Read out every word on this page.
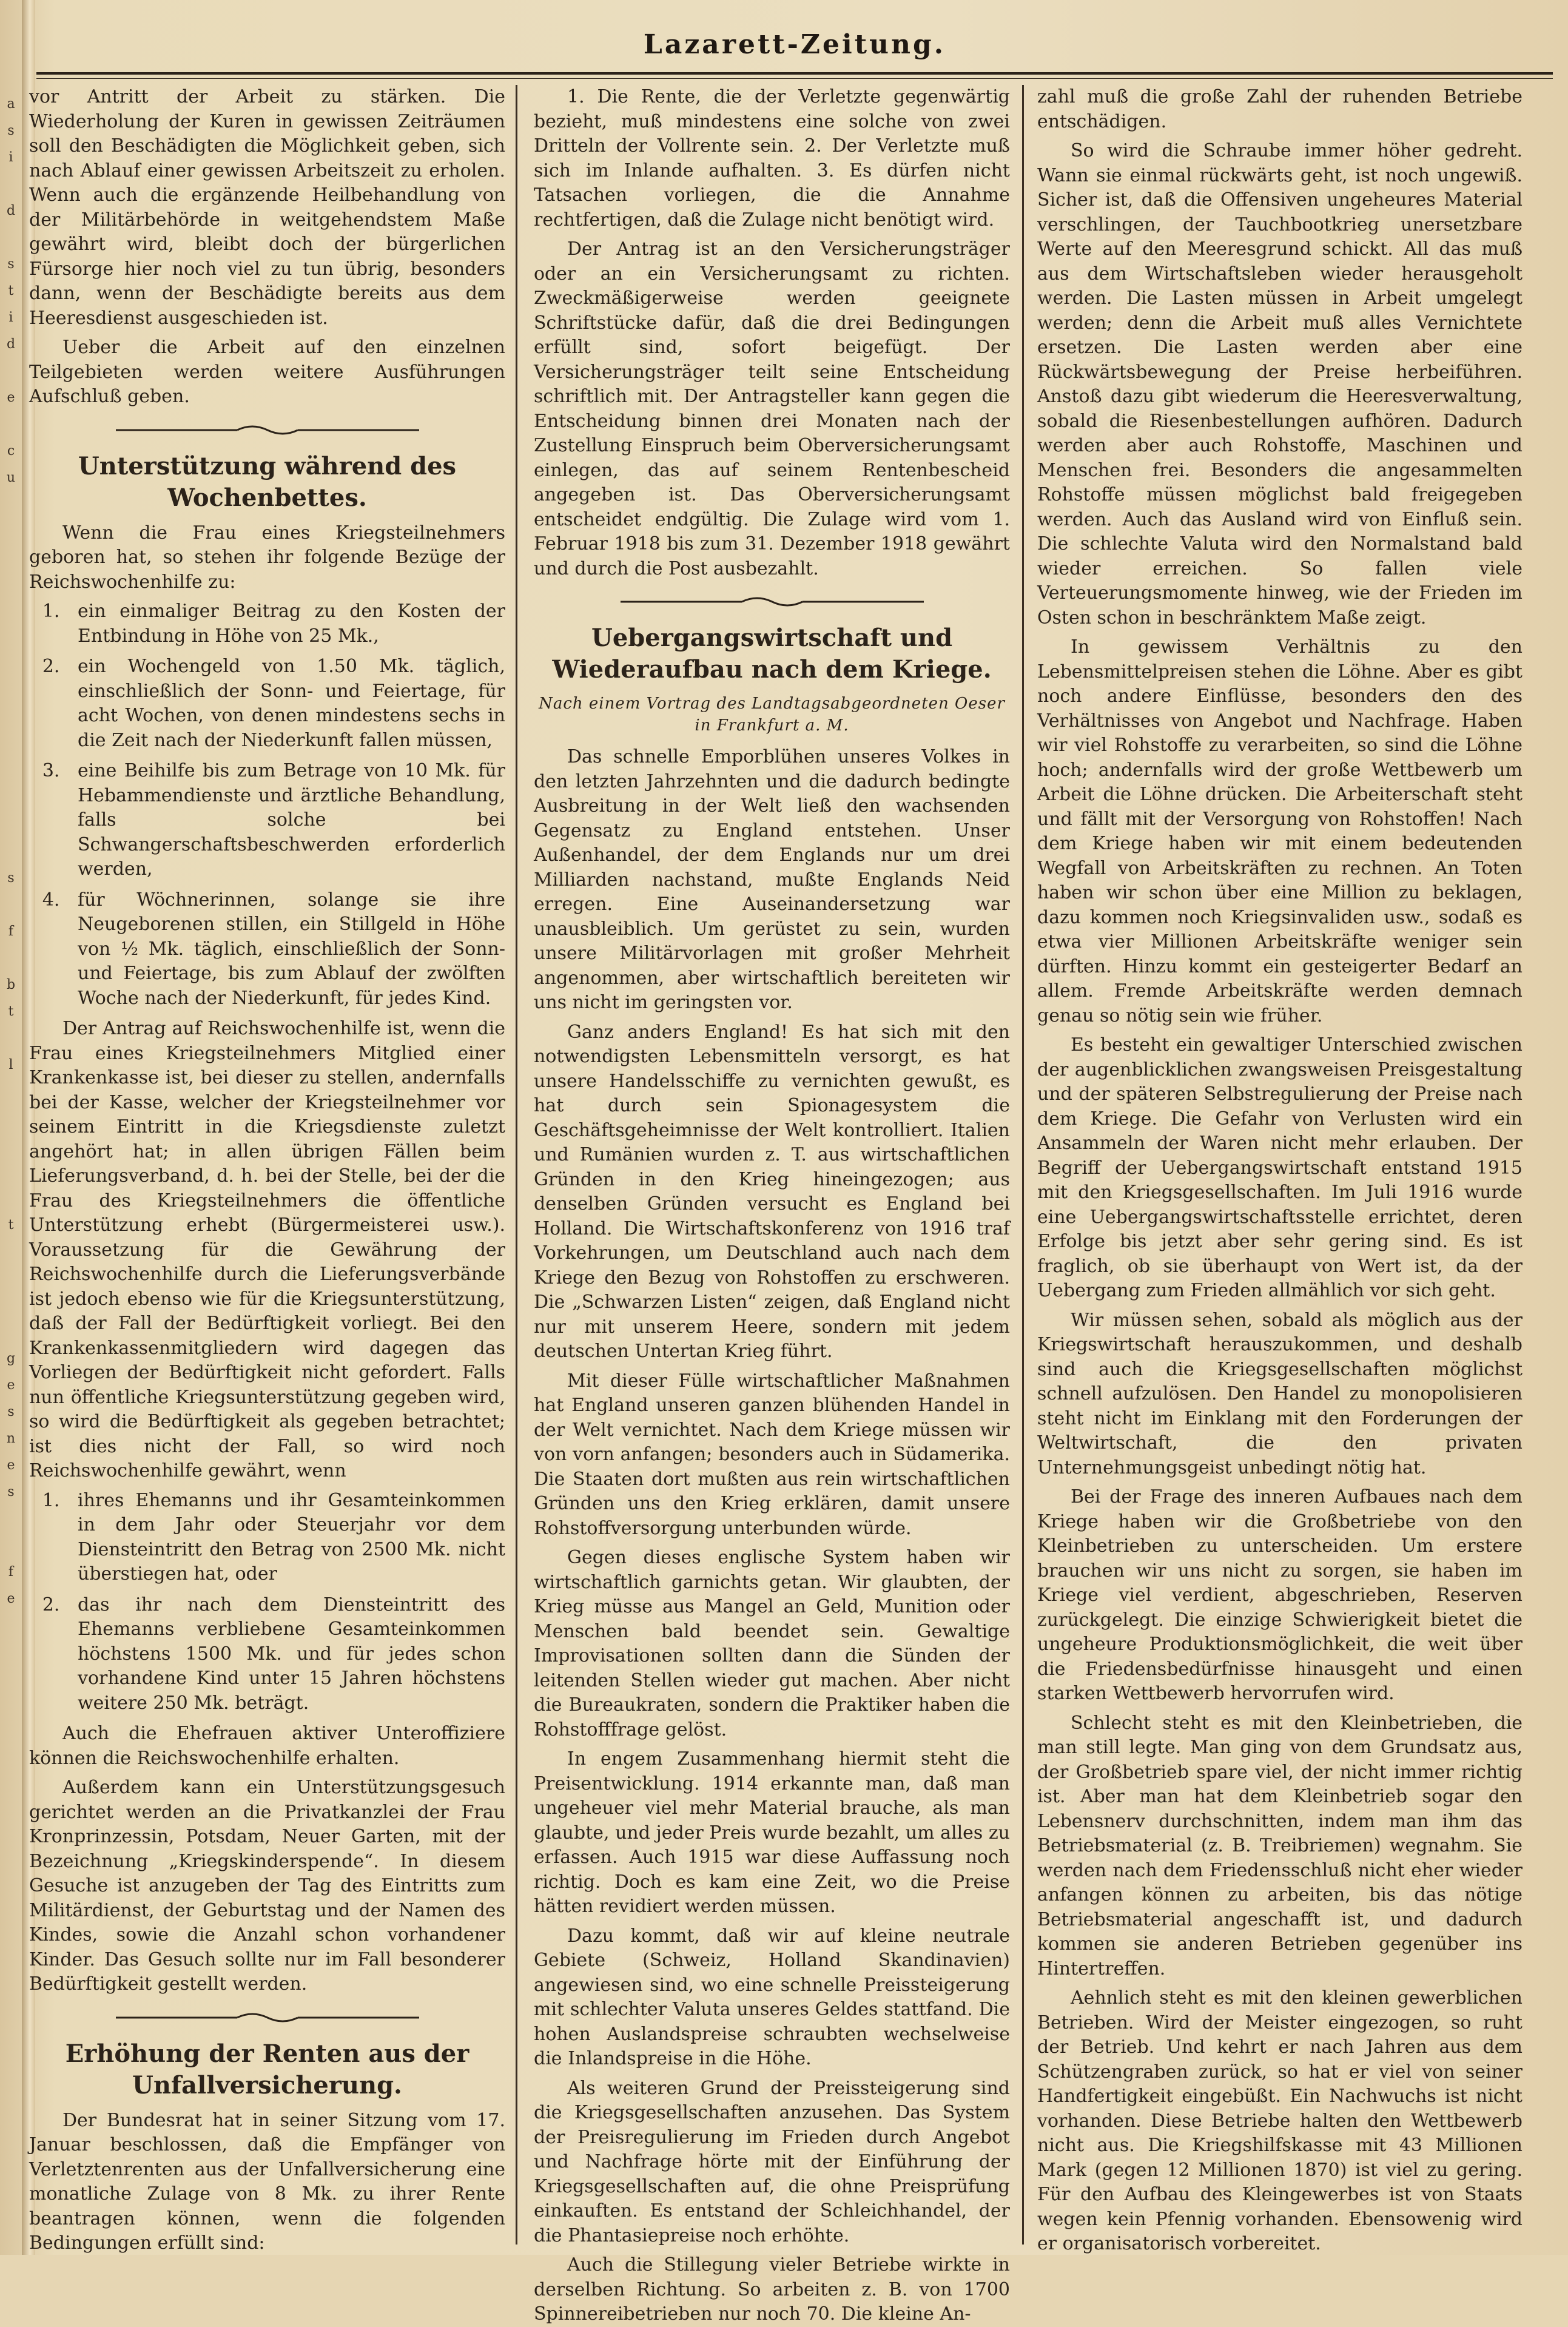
a
s
i
d
s
t
i
d
e
c
u
s
f
b
t
l
t
g
e
s
n
e
s
f
e
Lazarett-Zeitung.

vor Antritt der Arbeit zu stärken. Die Wiederholung der Kuren in gewissen Zeiträumen soll den Beschädigten die Möglichkeit geben, sich nach Ablauf einer gewissen Arbeitszeit zu erholen. Wenn auch die ergänzende Heilbehandlung von der Militärbehörde in weitgehendstem Maße gewährt wird, bleibt doch der bürgerlichen Fürsorge hier noch viel zu tun übrig, besonders dann, wenn der Beschädigte bereits aus dem Heeresdienst ausgeschieden ist.

Ueber die Arbeit auf den einzelnen Teilgebieten werden weitere Ausführungen Aufschluß geben.

Unterstützung während des Wochenbettes.

Wenn die Frau eines Kriegsteilnehmers geboren hat, so stehen ihr folgende Bezüge der Reichswochenhilfe zu:

1. ein einmaliger Beitrag zu den Kosten der Entbindung in Höhe von 25 Mk.,
2. ein Wochengeld von 1.50 Mk. täglich, einschließlich der Sonn- und Feiertage, für acht Wochen, von denen mindestens sechs in die Zeit nach der Niederkunft fallen müssen,
3. eine Beihilfe bis zum Betrage von 10 Mk. für Hebammendienste und ärztliche Behandlung, falls solche bei Schwangerschaftsbeschwerden erforderlich werden,
4. für Wöchnerinnen, solange sie ihre Neugeborenen stillen, ein Stillgeld in Höhe von ½ Mk. täglich, einschließlich der Sonn- und Feiertage, bis zum Ablauf der zwölften Woche nach der Niederkunft, für jedes Kind.

Der Antrag auf Reichswochenhilfe ist, wenn die Frau eines Kriegsteilnehmers Mitglied einer Krankenkasse ist, bei dieser zu stellen, andernfalls bei der Kasse, welcher der Kriegsteilnehmer vor seinem Eintritt in die Kriegsdienste zuletzt angehört hat; in allen übrigen Fällen beim Lieferungsverband, d. h. bei der Stelle, bei der die Frau des Kriegsteilnehmers die öffentliche Unterstützung erhebt (Bürgermeisterei usw.). Voraussetzung für die Gewährung der Reichswochenhilfe durch die Lieferungsverbände ist jedoch ebenso wie für die Kriegsunterstützung, daß der Fall der Bedürftigkeit vorliegt. Bei den Krankenkassenmitgliedern wird dagegen das Vorliegen der Bedürftigkeit nicht gefordert. Falls nun öffentliche Kriegsunterstützung gegeben wird, so wird die Bedürftigkeit als gegeben betrachtet; ist dies nicht der Fall, so wird noch Reichswochenhilfe gewährt, wenn

1. ihres Ehemanns und ihr Gesamteinkommen in dem Jahr oder Steuerjahr vor dem Diensteintritt den Betrag von 2500 Mk. nicht überstiegen hat, oder
2. das ihr nach dem Diensteintritt des Ehemanns verbliebene Gesamteinkommen höchstens 1500 Mk. und für jedes schon vorhandene Kind unter 15 Jahren höchstens weitere 250 Mk. beträgt.

Auch die Ehefrauen aktiver Unteroffiziere können die Reichswochenhilfe erhalten.

Außerdem kann ein Unterstützungsgesuch gerichtet werden an die Privatkanzlei der Frau Kronprinzessin, Potsdam, Neuer Garten, mit der Bezeichnung „Kriegskinderspende“. In diesem Gesuche ist anzugeben der Tag des Eintritts zum Militärdienst, der Geburtstag und der Namen des Kindes, sowie die Anzahl schon vorhandener Kinder. Das Gesuch sollte nur im Fall besonderer Bedürftigkeit gestellt werden.

Erhöhung der Renten aus der Unfallversicherung.

Der Bundesrat hat in seiner Sitzung vom 17. Januar beschlossen, daß die Empfänger von Verletztenrenten aus der Unfallversicherung eine monatliche Zulage von 8 Mk. zu ihrer Rente beantragen können, wenn die folgenden Bedingungen erfüllt sind:

1. Die Rente, die der Verletzte gegenwärtig bezieht, muß mindestens eine solche von zwei Dritteln der Vollrente sein. 2. Der Verletzte muß sich im Inlande aufhalten. 3. Es dürfen nicht Tatsachen vorliegen, die die Annahme rechtfertigen, daß die Zulage nicht benötigt wird.

Der Antrag ist an den Versicherungsträger oder an ein Versicherungsamt zu richten. Zweckmäßigerweise werden geeignete Schriftstücke dafür, daß die drei Bedingungen erfüllt sind, sofort beigefügt. Der Versicherungsträger teilt seine Entscheidung schriftlich mit. Der Antragsteller kann gegen die Entscheidung binnen drei Monaten nach der Zustellung Einspruch beim Oberversicherungsamt einlegen, das auf seinem Rentenbescheid angegeben ist. Das Oberversicherungsamt entscheidet endgültig. Die Zulage wird vom 1. Februar 1918 bis zum 31. Dezember 1918 gewährt und durch die Post ausbezahlt.

Uebergangswirtschaft und Wiederaufbau nach dem Kriege.
Nach einem Vortrag des Landtagsabgeordneten Oeser in Frankfurt a. M.

Das schnelle Emporblühen unseres Volkes in den letzten Jahrzehnten und die dadurch bedingte Ausbreitung in der Welt ließ den wachsenden Gegensatz zu England entstehen. Unser Außenhandel, der dem Englands nur um drei Milliarden nachstand, mußte Englands Neid erregen. Eine Auseinandersetzung war unausbleiblich. Um gerüstet zu sein, wurden unsere Militärvorlagen mit großer Mehrheit angenommen, aber wirtschaftlich bereiteten wir uns nicht im geringsten vor.

Ganz anders England! Es hat sich mit den notwendigsten Lebensmitteln versorgt, es hat unsere Handelsschiffe zu vernichten gewußt, es hat durch sein Spionagesystem die Geschäftsgeheimnisse der Welt kontrolliert. Italien und Rumänien wurden z. T. aus wirtschaftlichen Gründen in den Krieg hineingezogen; aus denselben Gründen versucht es England bei Holland. Die Wirtschaftskonferenz von 1916 traf Vorkehrungen, um Deutschland auch nach dem Kriege den Bezug von Rohstoffen zu erschweren. Die „Schwarzen Listen“ zeigen, daß England nicht nur mit unserem Heere, sondern mit jedem deutschen Untertan Krieg führt.

Mit dieser Fülle wirtschaftlicher Maßnahmen hat England unseren ganzen blühenden Handel in der Welt vernichtet. Nach dem Kriege müssen wir von vorn anfangen; besonders auch in Südamerika. Die Staaten dort mußten aus rein wirtschaftlichen Gründen uns den Krieg erklären, damit unsere Rohstoffversorgung unterbunden würde.

Gegen dieses englische System haben wir wirtschaftlich garnichts getan. Wir glaubten, der Krieg müsse aus Mangel an Geld, Munition oder Menschen bald beendet sein. Gewaltige Improvisationen sollten dann die Sünden der leitenden Stellen wieder gut machen. Aber nicht die Bureaukraten, sondern die Praktiker haben die Rohstofffrage gelöst.

In engem Zusammenhang hiermit steht die Preisentwicklung. 1914 erkannte man, daß man ungeheuer viel mehr Material brauche, als man glaubte, und jeder Preis wurde bezahlt, um alles zu erfassen. Auch 1915 war diese Auffassung noch richtig. Doch es kam eine Zeit, wo die Preise hätten revidiert werden müssen.

Dazu kommt, daß wir auf kleine neutrale Gebiete (Schweiz, Holland Skandinavien) angewiesen sind, wo eine schnelle Preissteigerung mit schlechter Valuta unseres Geldes stattfand. Die hohen Auslandspreise schraubten wechselweise die Inlandspreise in die Höhe.

Als weiteren Grund der Preissteigerung sind die Kriegsgesellschaften anzusehen. Das System der Preisregulierung im Frieden durch Angebot und Nachfrage hörte mit der Einführung der Kriegsgesellschaften auf, die ohne Preisprüfung einkauften. Es entstand der Schleichhandel, der die Phantasiepreise noch erhöhte.

Auch die Stillegung vieler Betriebe wirkte in derselben Richtung. So arbeiten z. B. von 1700 Spinnereibetrieben nur noch 70. Die kleine An-

zahl muß die große Zahl der ruhenden Betriebe entschädigen.

So wird die Schraube immer höher gedreht. Wann sie einmal rückwärts geht, ist noch ungewiß. Sicher ist, daß die Offensiven ungeheures Material verschlingen, der Tauchbootkrieg unersetzbare Werte auf den Meeresgrund schickt. All das muß aus dem Wirtschaftsleben wieder herausgeholt werden. Die Lasten müssen in Arbeit umgelegt werden; denn die Arbeit muß alles Vernichtete ersetzen. Die Lasten werden aber eine Rückwärtsbewegung der Preise herbeiführen. Anstoß dazu gibt wiederum die Heeresverwaltung, sobald die Riesenbestellungen aufhören. Dadurch werden aber auch Rohstoffe, Maschinen und Menschen frei. Besonders die angesammelten Rohstoffe müssen möglichst bald freigegeben werden. Auch das Ausland wird von Einfluß sein. Die schlechte Valuta wird den Normalstand bald wieder erreichen. So fallen viele Verteuerungsmomente hinweg, wie der Frieden im Osten schon in beschränktem Maße zeigt.

In gewissem Verhältnis zu den Lebensmittelpreisen stehen die Löhne. Aber es gibt noch andere Einflüsse, besonders den des Verhältnisses von Angebot und Nachfrage. Haben wir viel Rohstoffe zu verarbeiten, so sind die Löhne hoch; andernfalls wird der große Wettbewerb um Arbeit die Löhne drücken. Die Arbeiterschaft steht und fällt mit der Versorgung von Rohstoffen! Nach dem Kriege haben wir mit einem bedeutenden Wegfall von Arbeitskräften zu rechnen. An Toten haben wir schon über eine Million zu beklagen, dazu kommen noch Kriegsinvaliden usw., sodaß es etwa vier Millionen Arbeitskräfte weniger sein dürften. Hinzu kommt ein gesteigerter Bedarf an allem. Fremde Arbeitskräfte werden demnach genau so nötig sein wie früher.

Es besteht ein gewaltiger Unterschied zwischen der augenblicklichen zwangsweisen Preisgestaltung und der späteren Selbstregulierung der Preise nach dem Kriege. Die Gefahr von Verlusten wird ein Ansammeln der Waren nicht mehr erlauben. Der Begriff der Uebergangswirtschaft entstand 1915 mit den Kriegsgesellschaften. Im Juli 1916 wurde eine Uebergangswirtschaftsstelle errichtet, deren Erfolge bis jetzt aber sehr gering sind. Es ist fraglich, ob sie überhaupt von Wert ist, da der Uebergang zum Frieden allmählich vor sich geht.

Wir müssen sehen, sobald als möglich aus der Kriegswirtschaft herauszukommen, und deshalb sind auch die Kriegsgesellschaften möglichst schnell aufzulösen. Den Handel zu monopolisieren steht nicht im Einklang mit den Forderungen der Weltwirtschaft, die den privaten Unternehmungsgeist unbedingt nötig hat.

Bei der Frage des inneren Aufbaues nach dem Kriege haben wir die Großbetriebe von den Kleinbetrieben zu unterscheiden. Um erstere brauchen wir uns nicht zu sorgen, sie haben im Kriege viel verdient, abgeschrieben, Reserven zurückgelegt. Die einzige Schwierigkeit bietet die ungeheure Produktionsmöglichkeit, die weit über die Friedensbedürfnisse hinausgeht und einen starken Wettbewerb hervorrufen wird.

Schlecht steht es mit den Kleinbetrieben, die man still legte. Man ging von dem Grundsatz aus, der Großbetrieb spare viel, der nicht immer richtig ist. Aber man hat dem Kleinbetrieb sogar den Lebensnerv durchschnitten, indem man ihm das Betriebsmaterial (z. B. Treibriemen) wegnahm. Sie werden nach dem Friedensschluß nicht eher wieder anfangen können zu arbeiten, bis das nötige Betriebsmaterial angeschafft ist, und dadurch kommen sie anderen Betrieben gegenüber ins Hintertreffen.

Aehnlich steht es mit den kleinen gewerblichen Betrieben. Wird der Meister eingezogen, so ruht der Betrieb. Und kehrt er nach Jahren aus dem Schützengraben zurück, so hat er viel von seiner Handfertigkeit eingebüßt. Ein Nachwuchs ist nicht vorhanden. Diese Betriebe halten den Wettbewerb nicht aus. Die Kriegshilfskasse mit 43 Millionen Mark (gegen 12 Millionen 1870) ist viel zu gering. Für den Aufbau des Kleingewerbes ist von Staats wegen kein Pfennig vorhanden. Ebensowenig wird er organisatorisch vorbereitet.
